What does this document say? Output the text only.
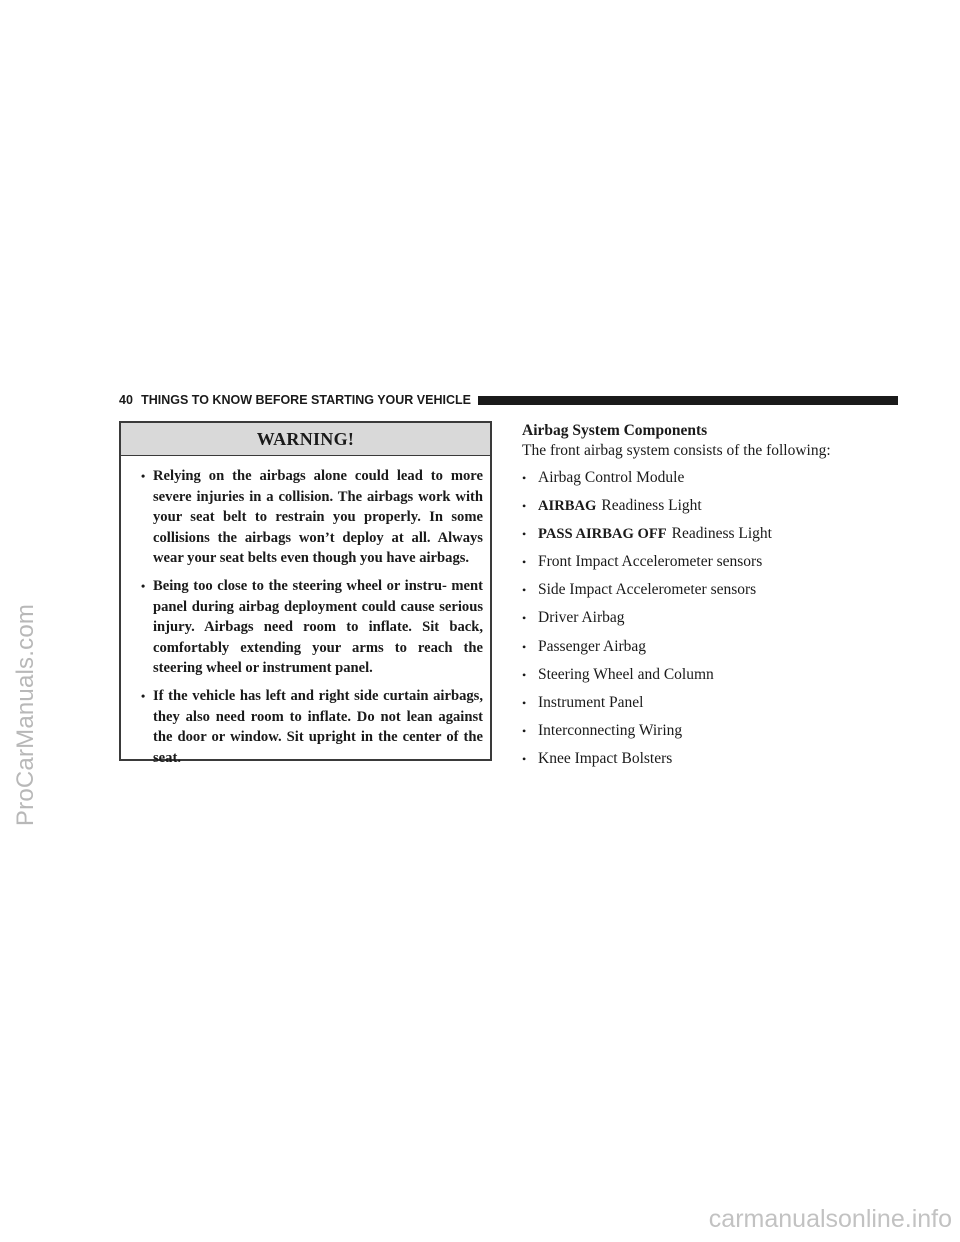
40 THINGS TO KNOW BEFORE STARTING YOUR VEHICLE
WARNING!
• Relying on the airbags alone could lead to more severe injuries in a collision. The airbags work with your seat belt to restrain you properly. In some collisions the airbags won’t deploy at all. Always wear your seat belts even though you have airbags.
• Being too close to the steering wheel or instru- ment panel during airbag deployment could cause serious injury. Airbags need room to inflate. Sit back, comfortably extending your arms to reach the steering wheel or instrument panel.
• If the vehicle has left and right side curtain airbags, they also need room to inflate. Do not lean against the door or window. Sit upright in the center of the seat.
Airbag System Components
The front airbag system consists of the following:
• Airbag Control Module
• AIRBAG Readiness Light
• PASS AIRBAG OFF Readiness Light
• Front Impact Accelerometer sensors
• Side Impact Accelerometer sensors
• Driver Airbag
• Passenger Airbag
• Steering Wheel and Column
• Instrument Panel
• Interconnecting Wiring
• Knee Impact Bolsters
ProCarManuals.com
carmanualsonline.info
